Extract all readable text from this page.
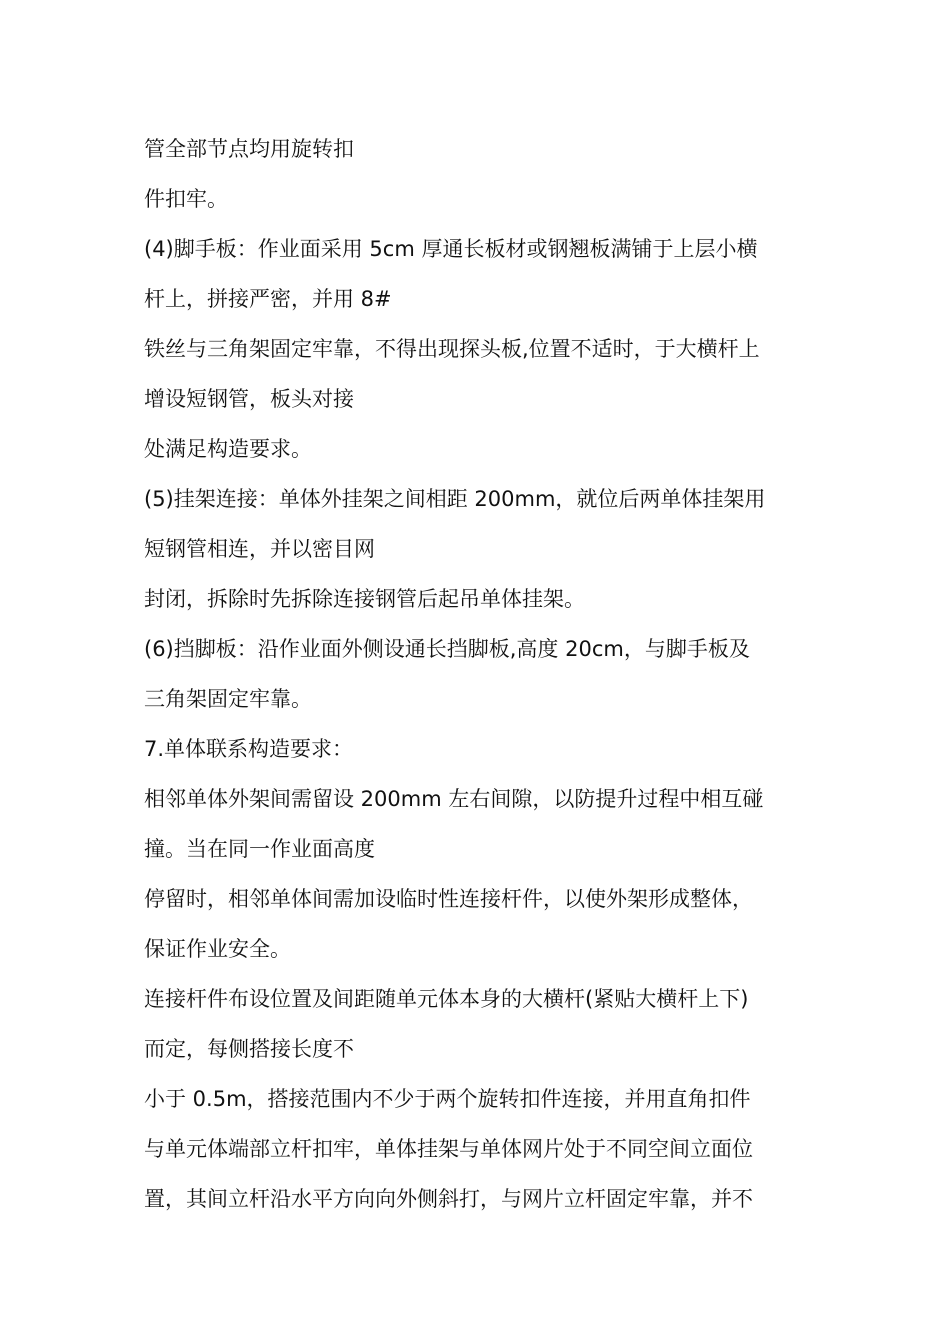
管全部节点均用旋转扣
件扣牢。
(4)脚手板：作业面采用 5cm 厚通长板材或钢翘板满铺于上层小横
杆上，拼接严密，并用 8#
铁丝与三角架固定牢靠，不得出现探头板,位置不适时，于大横杆上
增设短钢管，板头对接
处满足构造要求。
(5)挂架连接：单体外挂架之间相距 200mm，就位后两单体挂架用
短钢管相连，并以密目网
封闭，拆除时先拆除连接钢管后起吊单体挂架。
(6)挡脚板：沿作业面外侧设通长挡脚板,高度 20cm，与脚手板及
三角架固定牢靠。
7.单体联系构造要求：
相邻单体外架间需留设 200mm 左右间隙，以防提升过程中相互碰
撞。当在同一作业面高度
停留时，相邻单体间需加设临时性连接杆件，以使外架形成整体，
保证作业安全。
连接杆件布设位置及间距随单元体本身的大横杆(紧贴大横杆上下)
而定，每侧搭接长度不
小于 0.5m，搭接范围内不少于两个旋转扣件连接，并用直角扣件
与单元体端部立杆扣牢，单体挂架与单体网片处于不同空间立面位
置，其间立杆沿水平方向向外侧斜打，与网片立杆固定牢靠，并不
